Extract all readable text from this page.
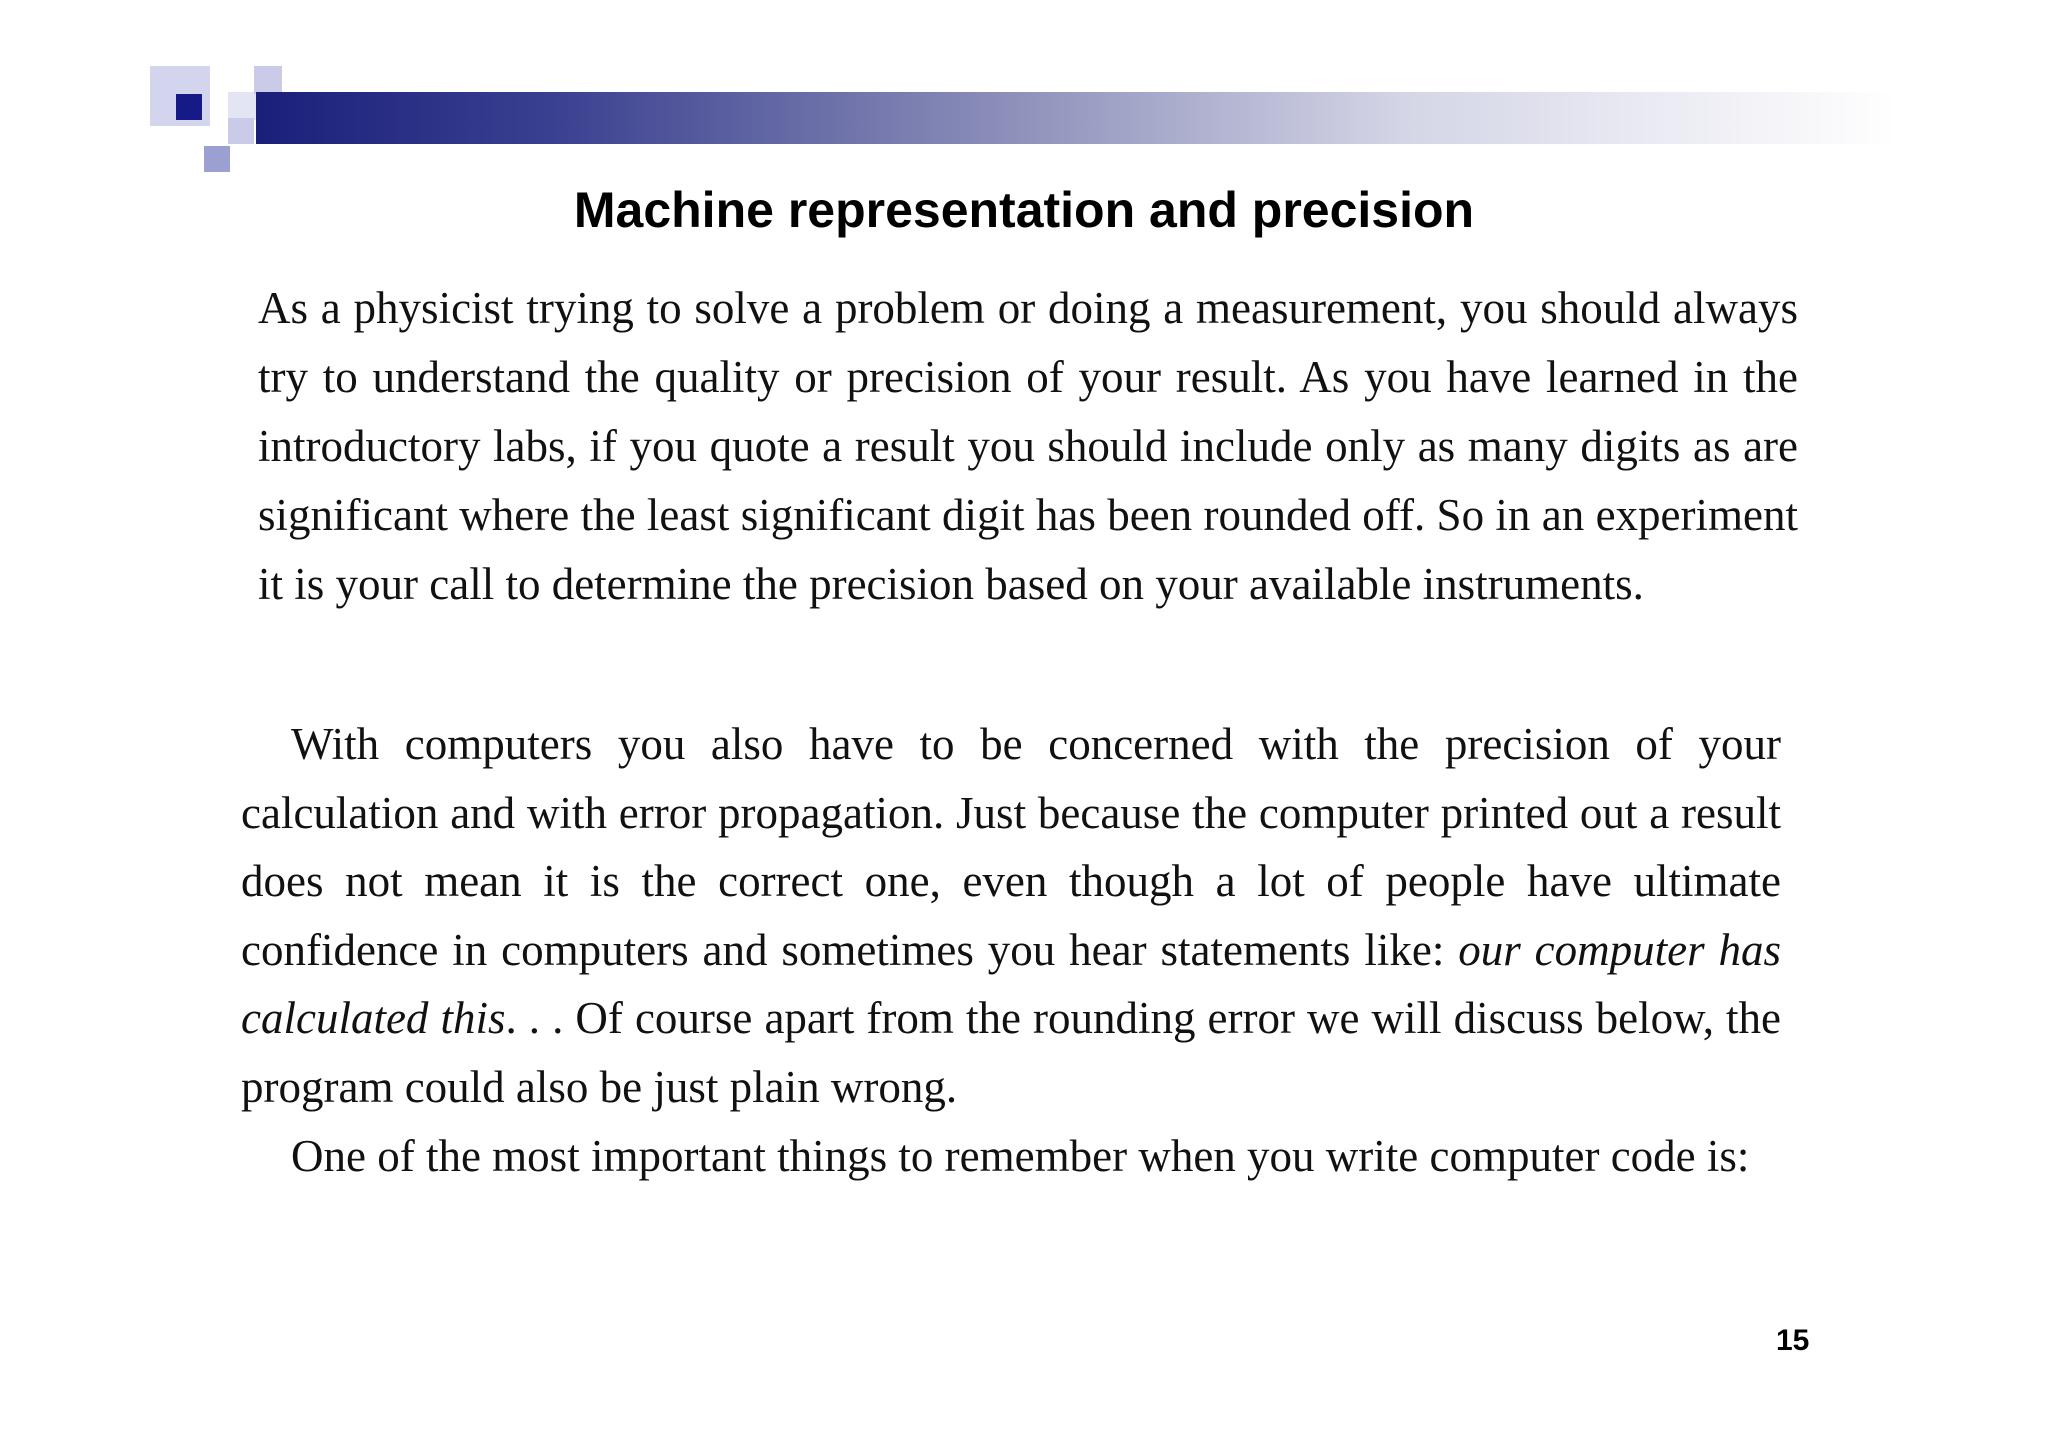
Machine representation and precision

As a physicist trying to solve a problem or doing a measurement, you should always try to understand the quality or precision of your result. As you have learned in the introductory labs, if you quote a result you should include only as many digits as are significant where the least significant digit has been rounded off. So in an experiment it is your call to determine the precision based on your available instruments.

With computers you also have to be concerned with the precision of your calculation and with error propagation. Just because the computer printed out a result does not mean it is the correct one, even though a lot of people have ultimate confidence in computers and sometimes you hear statements like: our computer has calculated this. . . Of course apart from the rounding error we will discuss below, the program could also be just plain wrong.

One of the most important things to remember when you write computer code is:

15
